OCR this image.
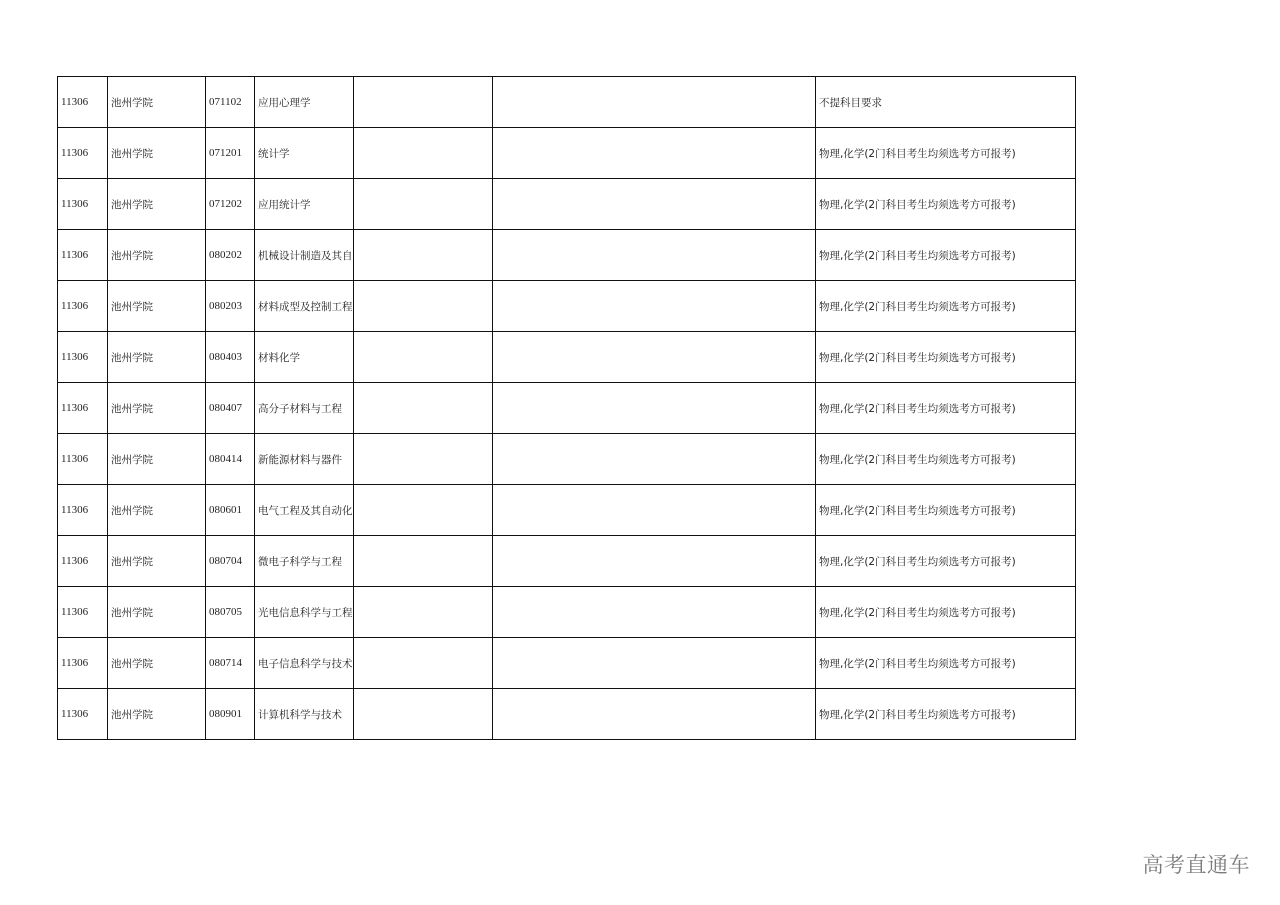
11306	池州学院	071102	应用心理学			不提科目要求
11306	池州学院	071201	统计学			物理,化学(2门科目考生均须选考方可报考)
11306	池州学院	071202	应用统计学			物理,化学(2门科目考生均须选考方可报考)
11306	池州学院	080202	机械设计制造及其自			物理,化学(2门科目考生均须选考方可报考)
11306	池州学院	080203	材料成型及控制工程			物理,化学(2门科目考生均须选考方可报考)
11306	池州学院	080403	材料化学			物理,化学(2门科目考生均须选考方可报考)
11306	池州学院	080407	高分子材料与工程			物理,化学(2门科目考生均须选考方可报考)
11306	池州学院	080414	新能源材料与器件			物理,化学(2门科目考生均须选考方可报考)
11306	池州学院	080601	电气工程及其自动化			物理,化学(2门科目考生均须选考方可报考)
11306	池州学院	080704	微电子科学与工程			物理,化学(2门科目考生均须选考方可报考)
11306	池州学院	080705	光电信息科学与工程			物理,化学(2门科目考生均须选考方可报考)
11306	池州学院	080714	电子信息科学与技术			物理,化学(2门科目考生均须选考方可报考)
11306	池州学院	080901	计算机科学与技术			物理,化学(2门科目考生均须选考方可报考)
高考直通车
